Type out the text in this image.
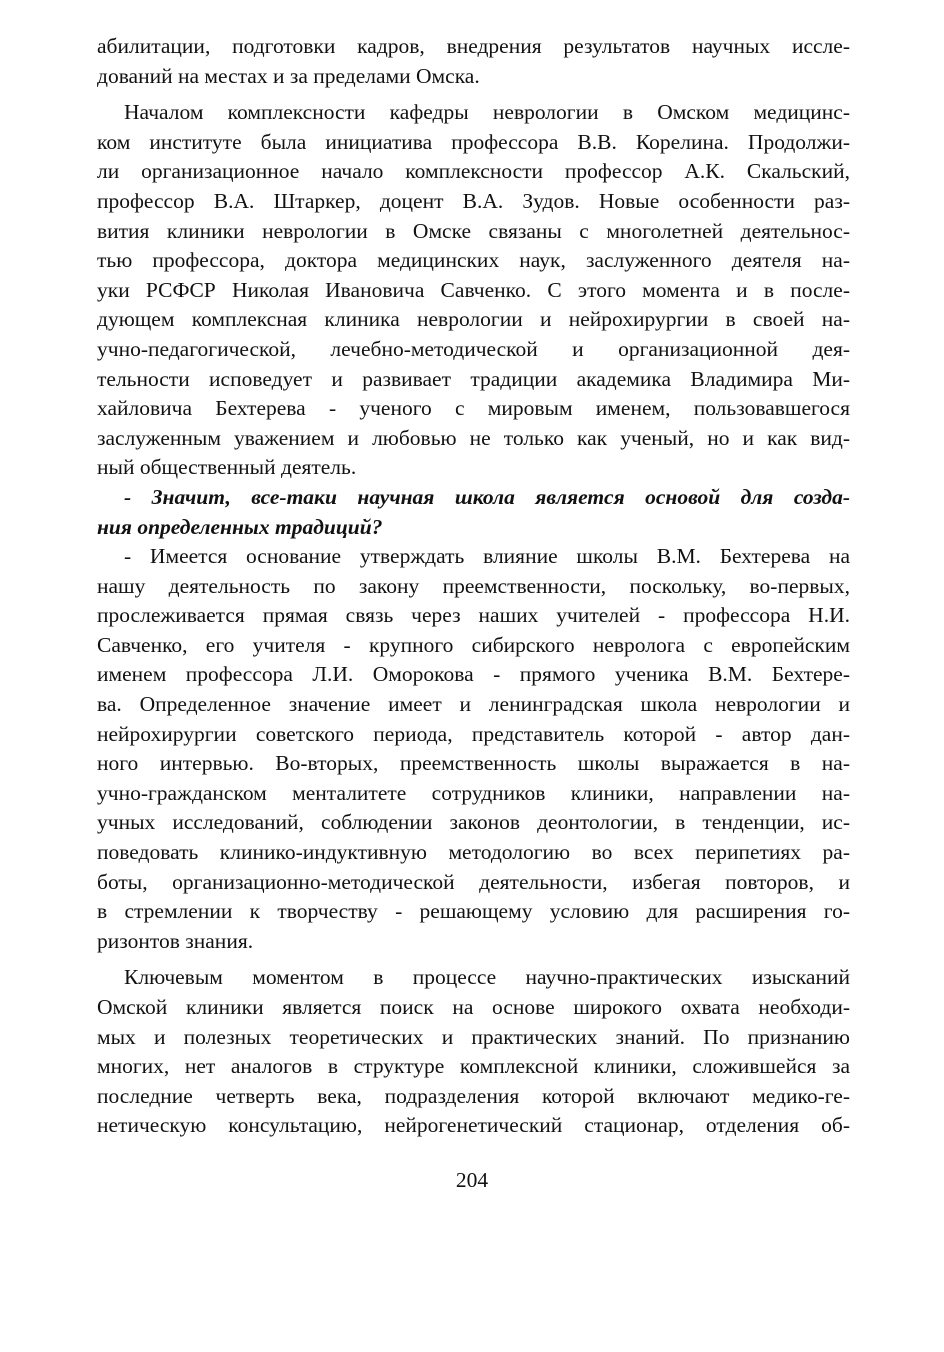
абилитации, подготовки кадров, внедрения результатов научных иссле-
дований на местах и за пределами Омска.
Началом комплексности кафедры неврологии в Омском медицинс-
ком институте была инициатива профессора В.В. Корелина. Продолжи-
ли организационное начало комплексности профессор А.К. Скальский,
профессор В.А. Штаркер, доцент В.А. Зудов. Новые особенности раз-
вития клиники неврологии в Омске связаны с многолетней деятельнос-
тью профессора, доктора медицинских наук, заслуженного деятеля на-
уки РСФСР Николая Ивановича Савченко. С этого момента и в после-
дующем комплексная клиника неврологии и нейрохирургии в своей на-
учно-педагогической, лечебно-методической и организационной дея-
тельности исповедует и развивает традиции академика Владимира Ми-
хайловича Бехтерева - ученого с мировым именем, пользовавшегося
заслуженным уважением и любовью не только как ученый, но и как вид-
ный общественный деятель.
- Значит, все-таки научная школа является основой для созда-
ния определенных традиций?
- Имеется основание утверждать влияние школы В.М. Бехтерева на
нашу деятельность по закону преемственности, поскольку, во-первых,
прослеживается прямая связь через наших учителей - профессора Н.И.
Савченко, его учителя - крупного сибирского невролога с европейским
именем профессора Л.И. Оморокова - прямого ученика В.М. Бехтере-
ва. Определенное значение имеет и ленинградская школа неврологии и
нейрохирургии советского периода, представитель которой - автор дан-
ного интервью. Во-вторых, преемственность школы выражается в на-
учно-гражданском менталитете сотрудников клиники, направлении на-
учных исследований, соблюдении законов деонтологии, в тенденции, ис-
поведовать клинико-индуктивную методологию во всех перипетиях ра-
боты, организационно-методической деятельности, избегая повторов, и
в стремлении к творчеству - решающему условию для расширения го-
ризонтов знания.
Ключевым моментом в процессе научно-практических изысканий
Омской клиники является поиск на основе широкого охвата необходи-
мых и полезных теоретических и практических знаний. По признанию
многих, нет аналогов в структуре комплексной клиники, сложившейся за
последние четверть века, подразделения которой включают медико-ге-
нетическую консультацию, нейрогенетический стационар, отделения об-
204
